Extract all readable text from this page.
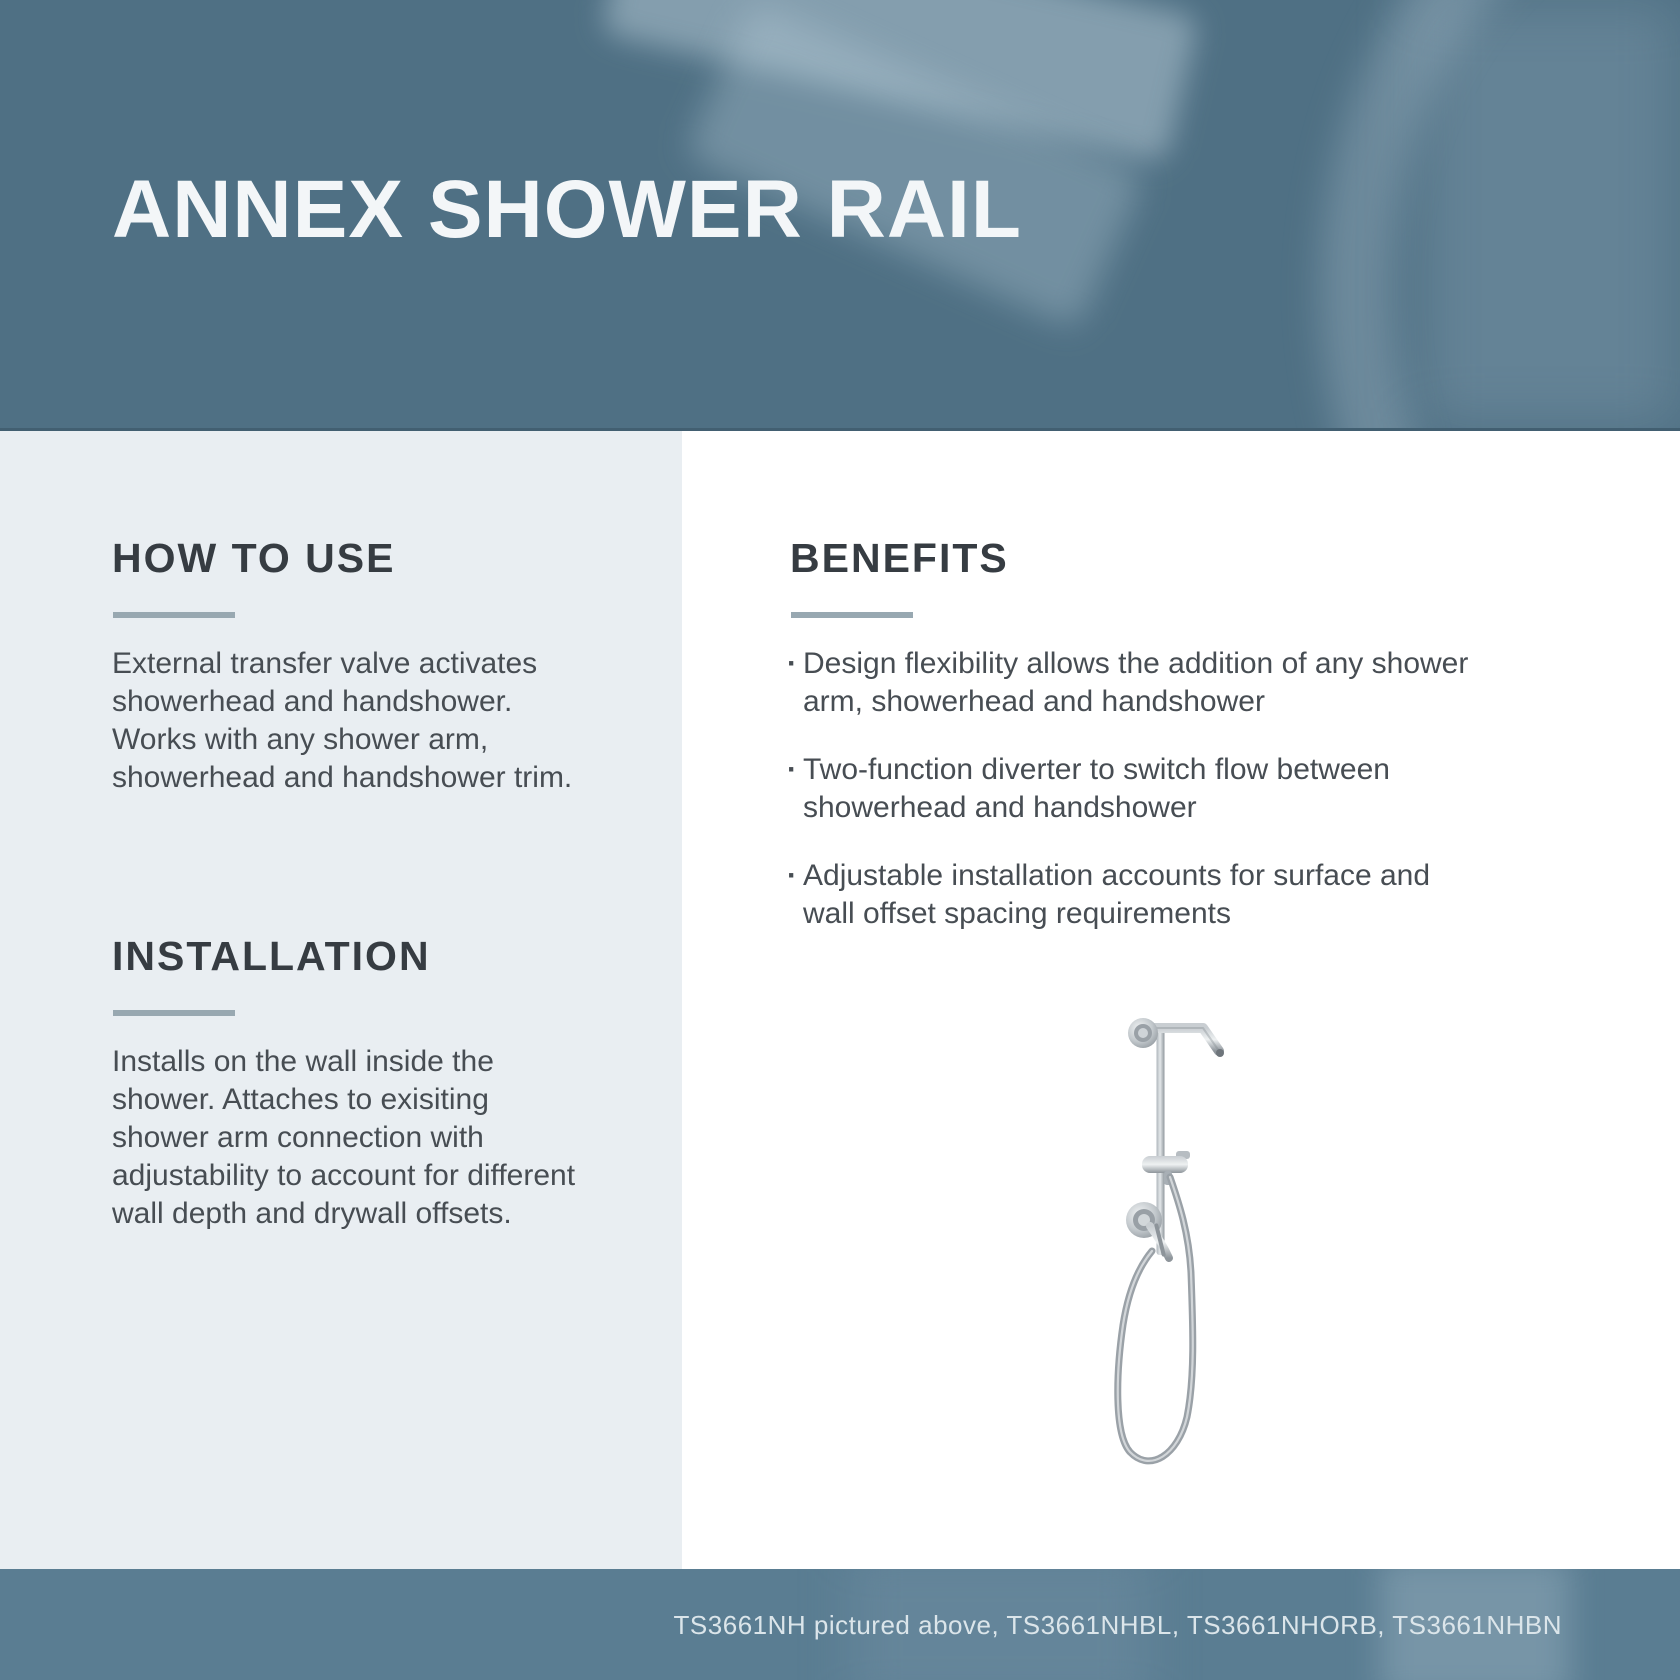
ANNEX SHOWER RAIL
HOW TO USE

External transfer valve activates showerhead and handshower. Works with any shower arm, showerhead and handshower trim.

INSTALLATION

Installs on the wall inside the shower. Attaches to exisiting shower arm connection with adjustability to account for different wall depth and drywall offsets.

BENEFITS
· Design flexibility allows the addition of any shower arm, showerhead and handshower
· Two-function diverter to switch flow between showerhead and handshower
· Adjustable installation accounts for surface and wall offset spacing requirements

TS3661NH pictured above, TS3661NHBL, TS3661NHORB, TS3661NHBN
